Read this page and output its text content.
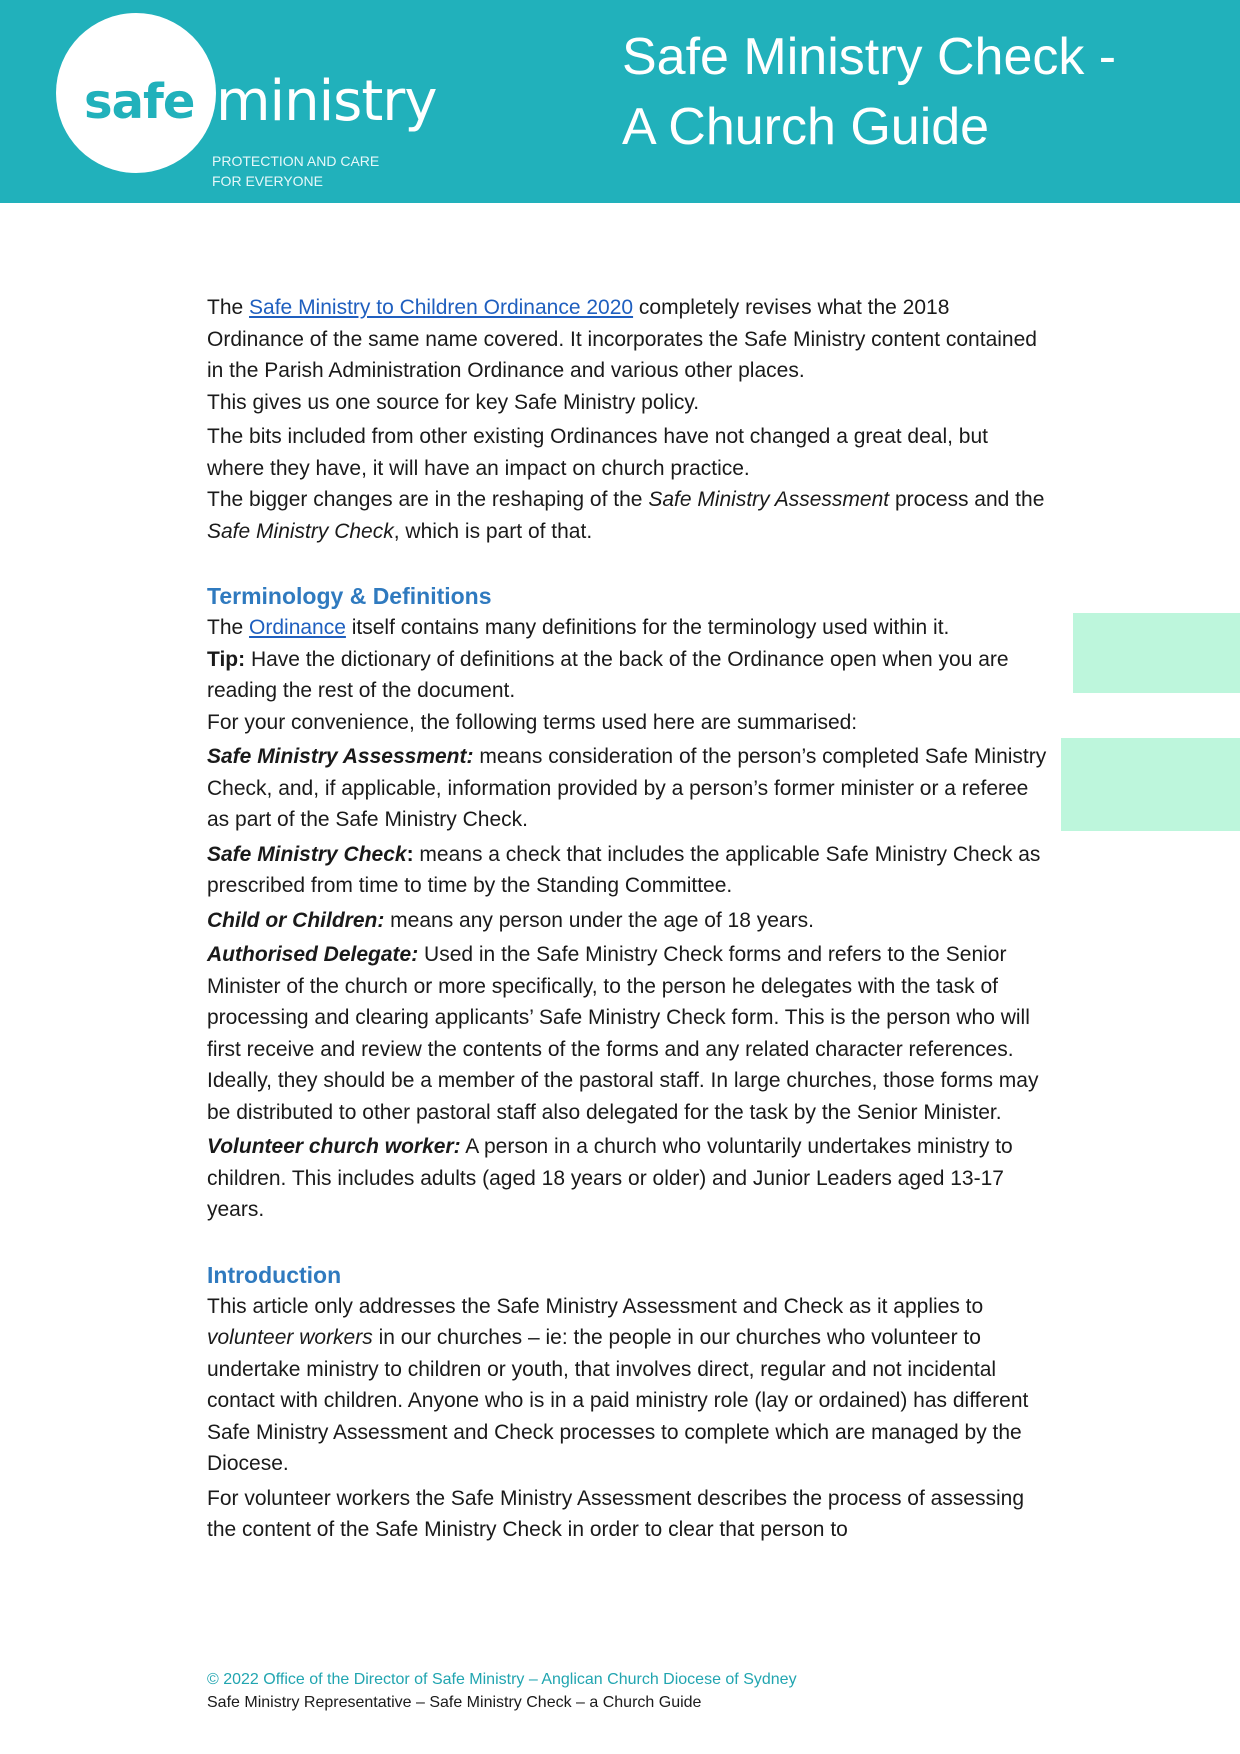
safe ministry
PROTECTION AND CARE
FOR EVERYONE
Safe Ministry Check -
A Church Guide

The Safe Ministry to Children Ordinance 2020 completely revises what the 2018 Ordinance of the same name covered. It incorporates the Safe Ministry content contained in the Parish Administration Ordinance and various other places.

This gives us one source for key Safe Ministry policy.

The bits included from other existing Ordinances have not changed a great deal, but where they have, it will have an impact on church practice.

The bigger changes are in the reshaping of the Safe Ministry Assessment process and the Safe Ministry Check, which is part of that.

Terminology & Definitions

The Ordinance itself contains many definitions for the terminology used within it.

Tip: Have the dictionary of definitions at the back of the Ordinance open when you are reading the rest of the document.

For your convenience, the following terms used here are summarised:

Safe Ministry Assessment: means consideration of the person’s completed Safe Ministry Check, and, if applicable, information provided by a person’s former minister or a referee as part of the Safe Ministry Check.

Safe Ministry Check: means a check that includes the applicable Safe Ministry Check as prescribed from time to time by the Standing Committee.

Child or Children: means any person under the age of 18 years.

Authorised Delegate: Used in the Safe Ministry Check forms and refers to the Senior Minister of the church or more specifically, to the person he delegates with the task of processing and clearing applicants’ Safe Ministry Check form. This is the person who will first receive and review the contents of the forms and any related character references. Ideally, they should be a member of the pastoral staff. In large churches, those forms may be distributed to other pastoral staff also delegated for the task by the Senior Minister.

Volunteer church worker: A person in a church who voluntarily undertakes ministry to children. This includes adults (aged 18 years or older) and Junior Leaders aged 13-17 years.

Introduction

This article only addresses the Safe Ministry Assessment and Check as it applies to volunteer workers in our churches – ie: the people in our churches who volunteer to undertake ministry to children or youth, that involves direct, regular and not incidental contact with children. Anyone who is in a paid ministry role (lay or ordained) has different Safe Ministry Assessment and Check processes to complete which are managed by the Diocese.

For volunteer workers the Safe Ministry Assessment describes the process of assessing the content of the Safe Ministry Check in order to clear that person to

© 2022 Office of the Director of Safe Ministry – Anglican Church Diocese of Sydney
Safe Ministry Representative – Safe Ministry Check – a Church Guide
